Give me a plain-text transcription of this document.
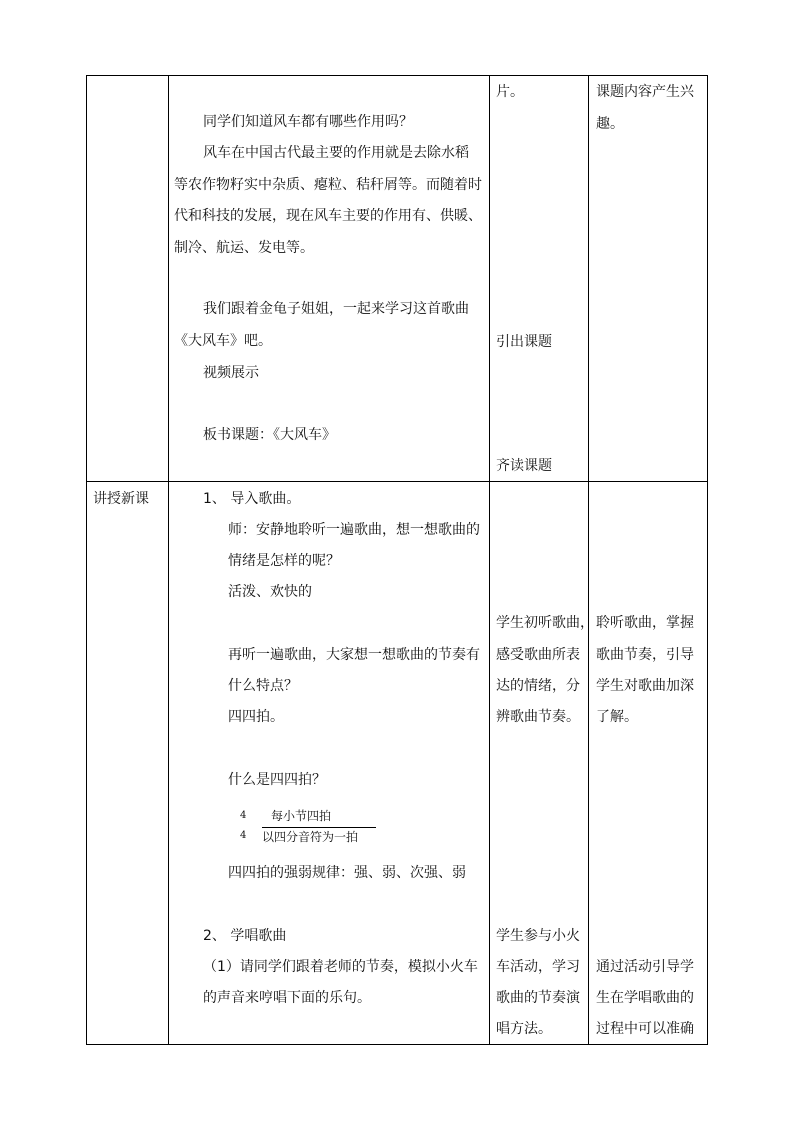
同学们知道风车都有哪些作用吗？
风车在中国古代最主要的作用就是去除水稻
等农作物籽实中杂质、瘪粒、秸秆屑等。而随着时
代和科技的发展，现在风车主要的作用有、供暖、
制冷、航运、发电等。
我们跟着金龟子姐姐，一起来学习这首歌曲
《大风车》吧。
视频展示
板书课题：《大风车》
片。
引出课题
齐读课题
课题内容产生兴
趣。
讲授新课	1、 导入歌曲。
师：安静地聆听一遍歌曲，想一想歌曲的
情绪是怎样的呢？
活泼、欢快的
再听一遍歌曲，大家想一想歌曲的节奏有
什么特点？
四四拍。
什么是四四拍？
4
4
每小节四拍
以四分音符为一拍
四四拍的强弱规律：强、弱、次强、弱
2、 学唱歌曲
（1）请同学们跟着老师的节奏，模拟小火车
的声音来哼唱下面的乐句。
学生初听歌曲，
感受歌曲所表
达的情绪，分
辨歌曲节奏。
学生参与小火
车活动，学习
歌曲的节奏演
唱方法。
聆听歌曲，掌握
歌曲节奏，引导
学生对歌曲加深
了解。
通过活动引导学
生在学唱歌曲的
过程中可以准确
